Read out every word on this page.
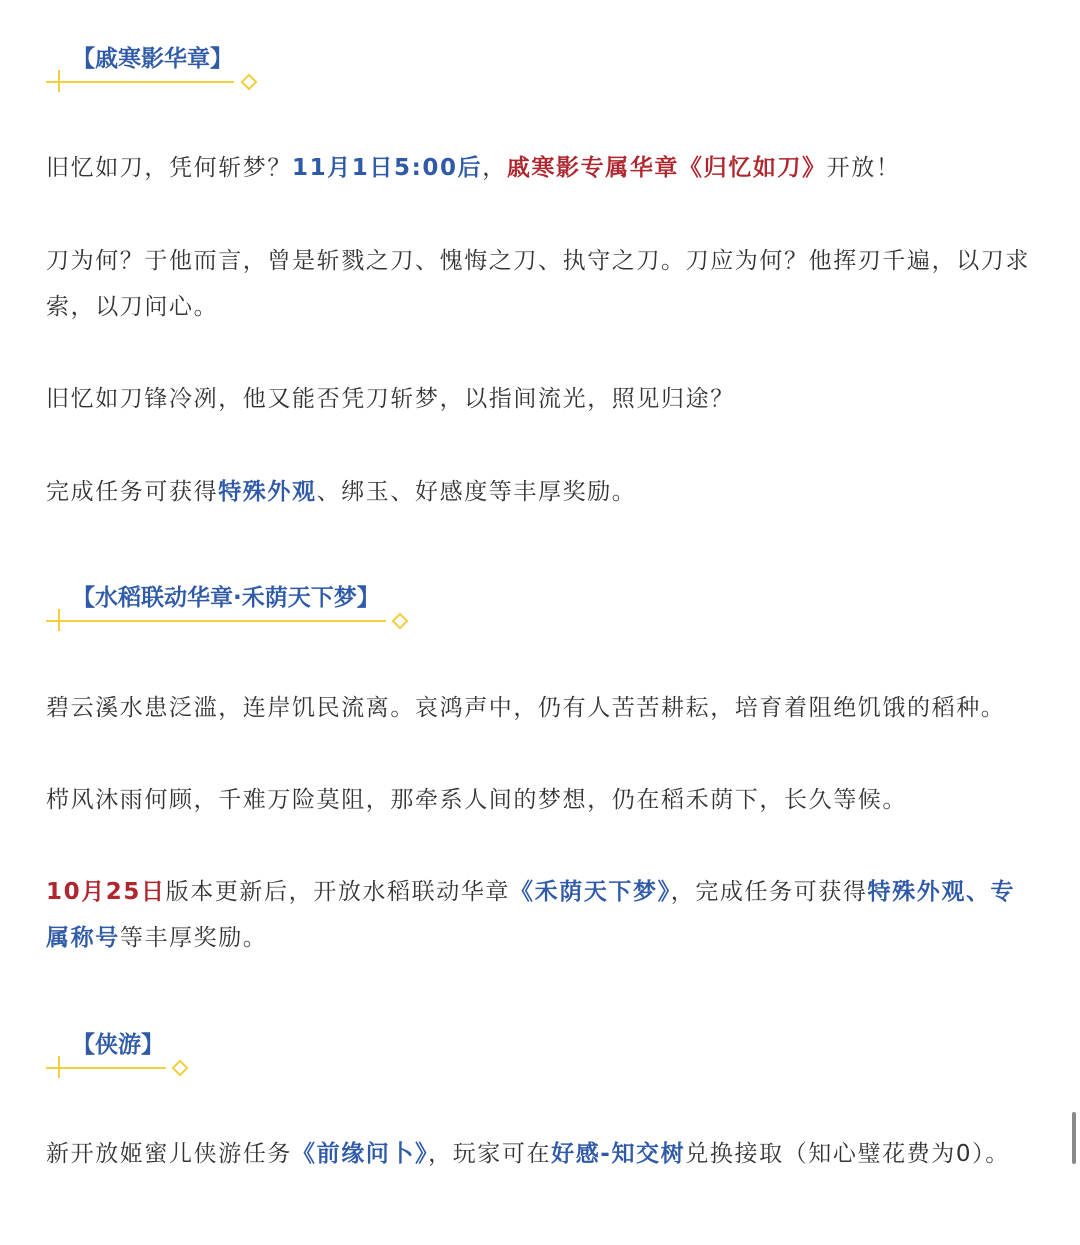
【戚寒影华章】

旧忆如刀，凭何斩梦？11月1日5:00后，戚寒影专属华章《归忆如刀》开放！

刀为何？于他而言，曾是斩戮之刀、愧悔之刀、执守之刀。刀应为何？他挥刃千遍，以刀求索，以刀问心。

旧忆如刀锋冷冽，他又能否凭刀斩梦，以指间流光，照见归途？

完成任务可获得特殊外观、绑玉、好感度等丰厚奖励。

【水稻联动华章·禾荫天下梦】

碧云溪水患泛滥，连岸饥民流离。哀鸿声中，仍有人苦苦耕耘，培育着阻绝饥饿的稻种。

栉风沐雨何顾，千难万险莫阻，那牵系人间的梦想，仍在稻禾荫下，长久等候。

10月25日版本更新后，开放水稻联动华章《禾荫天下梦》，完成任务可获得特殊外观、专属称号等丰厚奖励。

【侠游】

新开放姬蜜儿侠游任务《前缘问卜》，玩家可在好感-知交树兑换接取（知心璧花费为0）。
